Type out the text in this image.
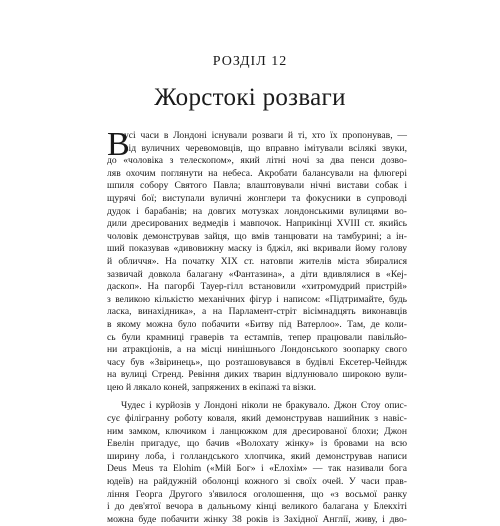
РОЗДІЛ 12
Жорстокі розваги
В
усі часи в Лондоні існували розваги й ті, хто їх пропонував, —
від вуличних черевомовців, що вправно імітували всілякі звуки,
до «чоловіка з телескопом», який літні ночі за два пенси дозво-
ляв охочим поглянути на небеса. Акробати балансували на флюгері
шпиля собору Святого Павла; влаштовували нічні вистави собак і
щурячі бої; виступали вуличні жонглери та фокусники в супроводі
дудок і барабанів; на довгих мотузках лондонськими вулицями во-
дили дресированих ведмедів і мавпочок. Наприкінці XVIII ст. якийсь
чоловік демонстрував зайця, що вмів танцювати на тамбурині; а ін-
ший показував «дивовижну маску із бджіл, які вкривали йому голову
й обличчя». На початку XIX ст. натовпи жителів міста збиралися
зазвичай довкола балагану «Фантазина», а діти вдивлялися в «Кеj-
даскоп». На пагорбі Тауер-гілл встановили «хитромудрий пристрій»
з великою кількістю механічних фігур і написом: «Підтримайте, будь
ласка, винахідника», а на Парламент-стріт вісімнадцять виконавців
в якому можна було побачити «Битву під Ватерлоо». Там, де коли-
сь були крамниці граверів та естампів, тепер працювали павільйо-
ни атракціонів, а на місці нинішнього Лондонського зоопарку свого
часу був «Звіринець», що розташовувався в будівлі Ексетер-Чейндж
на вулиці Стренд. Ревіння диких тварин відлунювало широкою вули-
цею й лякало коней, запряжених в екіпажі та візки.
Чудес і курйозів у Лондоні ніколи не бракувало. Джон Стоу опис-
сує філігранну роботу коваля, який демонстрував нашийник з навіс-
ним замком, ключиком і ланцюжком для дресированої блохи; Джон
Евелін пригадує, що бачив «Волохату жінку» із бровами на всю
ширину лоба, і голландського хлопчика, який демонстрував написи
Deus Meus та Elohim («Мій Бог» і «Елохім» — так називали бога
юдеїв) на райдужній оболонці кожного зі своїх очей. У часи прав-
ління Георга Другого з'явилося оголошення, що «з восьмої ранку
і до дев'ятої вечора в дальньому кінці великого балагана у Блекхіті
можна буде побачити жінку 38 років із Західної Англії, живу, і дво-
